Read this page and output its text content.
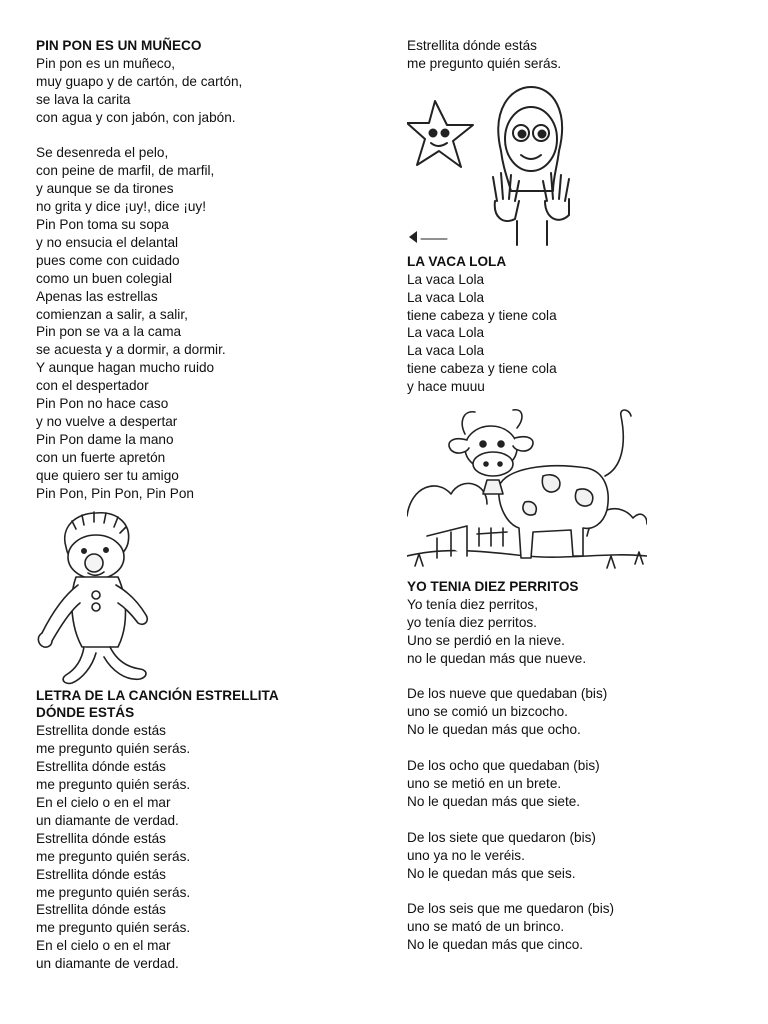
PIN PON ES UN MUÑECO
Pin pon es un muñeco,
muy guapo y de cartón, de cartón,
se lava la carita
con agua y con jabón, con jabón.
Se desenreda el pelo,
con peine de marfil, de marfil,
y aunque se da tirones
no grita y dice ¡uy!, dice ¡uy!
Pin Pon toma su sopa
y no ensucia el delantal
pues come con cuidado
como un buen colegial
Apenas las estrellas
comienzan a salir, a salir,
Pin pon se va a la cama
se acuesta y a dormir, a dormir.
Y aunque hagan mucho ruido
con el despertador
Pin Pon no hace caso
y no vuelve a despertar
Pin Pon dame la mano
con un fuerte apretón
que quiero ser tu amigo
Pin Pon, Pin Pon, Pin Pon
LETRA DE LA CANCIÓN ESTRELLITA
DÓNDE ESTÁS
Estrellita donde estás
me pregunto quién serás.
Estrellita dónde estás
me pregunto quién serás.
En el cielo o en el mar
un diamante de verdad.
Estrellita dónde estás
me pregunto quién serás.
Estrellita dónde estás
me pregunto quién serás.
Estrellita dónde estás
me pregunto quién serás.
En el cielo o en el mar
un diamante de verdad.
Estrellita dónde estás
me pregunto quién serás.
LA VACA LOLA
La vaca Lola
La vaca Lola
tiene cabeza y tiene cola
La vaca Lola
La vaca Lola
tiene cabeza y tiene cola
y hace muuu
YO TENIA DIEZ PERRITOS
Yo tenía diez perritos,
yo tenía diez perritos.
Uno se perdió en la nieve.
no le quedan más que nueve.
De los nueve que quedaban (bis)
uno se comió un bizcocho.
No le quedan más que ocho.
De los ocho que quedaban (bis)
uno se metió en un brete.
No le quedan más que siete.
De los siete que quedaron (bis)
uno ya no le veréis.
No le quedan más que seis.
De los seis que me quedaron (bis)
uno se mató de un brinco.
No le quedan más que cinco.
